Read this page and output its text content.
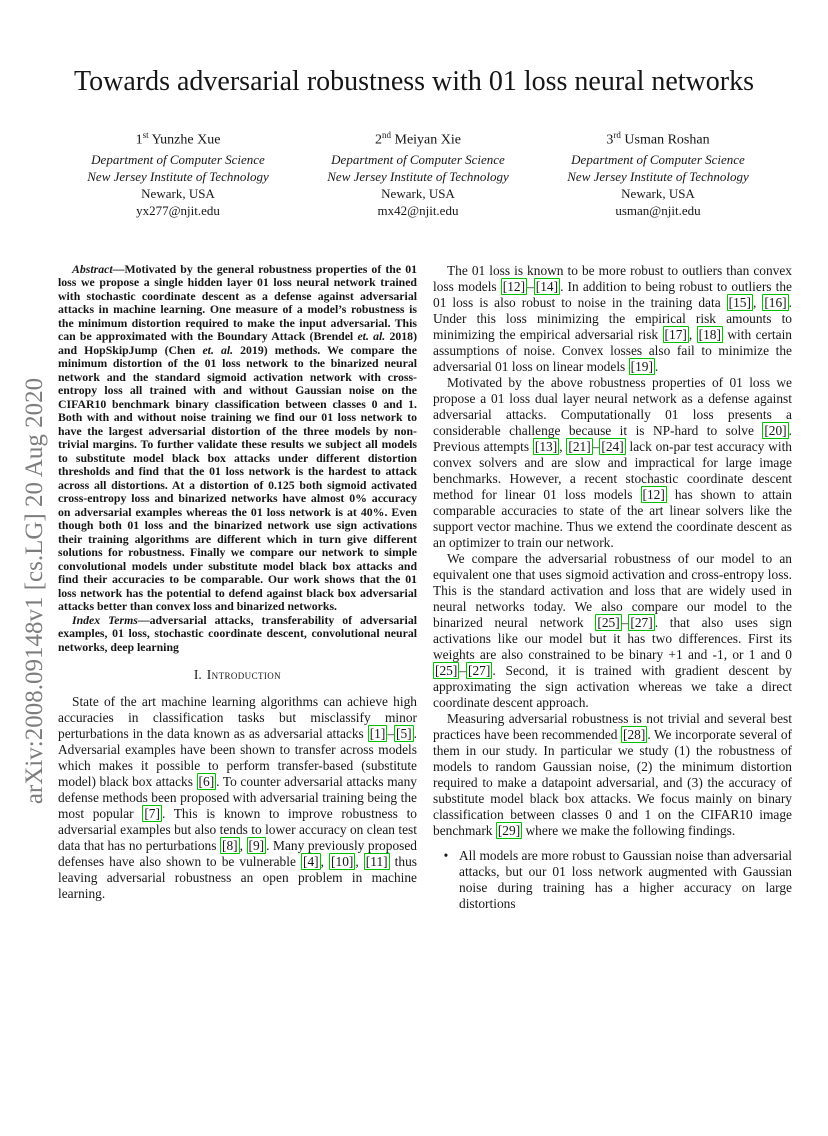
arXiv:2008.09148v1 [cs.LG] 20 Aug 2020
Towards adversarial robustness with 01 loss neural networks
1st Yunzhe Xue
Department of Computer Science
New Jersey Institute of Technology
Newark, USA
yx277@njit.edu
2nd Meiyan Xie
Department of Computer Science
New Jersey Institute of Technology
Newark, USA
mx42@njit.edu
3rd Usman Roshan
Department of Computer Science
New Jersey Institute of Technology
Newark, USA
usman@njit.edu

Abstract—Motivated by the general robustness properties of the 01 loss we propose a single hidden layer 01 loss neural network trained with stochastic coordinate descent as a defense against adversarial attacks in machine learning. One measure of a model’s robustness is the minimum distortion required to make the input adversarial. This can be approximated with the Boundary Attack (Brendel et. al. 2018) and HopSkipJump (Chen et. al. 2019) methods. We compare the minimum distortion of the 01 loss network to the binarized neural network and the standard sigmoid activation network with cross-entropy loss all trained with and without Gaussian noise on the CIFAR10 benchmark binary classification between classes 0 and 1. Both with and without noise training we find our 01 loss network to have the largest adversarial distortion of the three models by non-trivial margins. To further validate these results we subject all models to substitute model black box attacks under different distortion thresholds and find that the 01 loss network is the hardest to attack across all distortions. At a distortion of 0.125 both sigmoid activated cross-entropy loss and binarized networks have almost 0% accuracy on adversarial examples whereas the 01 loss network is at 40%. Even though both 01 loss and the binarized network use sign activations their training algorithms are different which in turn give different solutions for robustness. Finally we compare our network to simple convolutional models under substitute model black box attacks and find their accuracies to be comparable. Our work shows that the 01 loss network has the potential to defend against black box adversarial attacks better than convex loss and binarized networks.

Index Terms—adversarial attacks, transferability of adversarial examples, 01 loss, stochastic coordinate descent, convolutional neural networks, deep learning

I. Introduction

State of the art machine learning algorithms can achieve high accuracies in classification tasks but misclassify minor perturbations in the data known as as adversarial attacks [1] – [5] . Adversarial examples have been shown to transfer across models which makes it possible to perform transfer-based (substitute model) black box attacks [6] . To counter adversarial attacks many defense methods been proposed with adversarial training being the most popular [7] . This is known to improve robustness to adversarial examples but also tends to lower accuracy on clean test data that has no perturbations [8] , [9] . Many previously proposed defenses have also shown to be vulnerable [4] , [10] , [11] thus leaving adversarial robustness an open problem in machine learning.

The 01 loss is known to be more robust to outliers than convex loss models [12] – [14] . In addition to being robust to outliers the 01 loss is also robust to noise in the training data [15] , [16] . Under this loss minimizing the empirical risk amounts to minimizing the empirical adversarial risk [17] , [18] with certain assumptions of noise. Convex losses also fail to minimize the adversarial 01 loss on linear models [19] .

Motivated by the above robustness properties of 01 loss we propose a 01 loss dual layer neural network as a defense against adversarial attacks. Computationally 01 loss presents a considerable challenge because it is NP-hard to solve [20] . Previous attempts [13] , [21] – [24] lack on-par test accuracy with convex solvers and are slow and impractical for large image benchmarks. However, a recent stochastic coordinate descent method for linear 01 loss models [12] has shown to attain comparable accuracies to state of the art linear solvers like the support vector machine. Thus we extend the coordinate descent as an optimizer to train our network.

We compare the adversarial robustness of our model to an equivalent one that uses sigmoid activation and cross-entropy loss. This is the standard activation and loss that are widely used in neural networks today. We also compare our model to the binarized neural network [25] – [27] . that also uses sign activations like our model but it has two differences. First its weights are also constrained to be binary +1 and -1, or 1 and 0 [25] – [27] . Second, it is trained with gradient descent by approximating the sign activation whereas we take a direct coordinate descent approach.

Measuring adversarial robustness is not trivial and several best practices have been recommended [28] . We incorporate several of them in our study. In particular we study (1) the robustness of models to random Gaussian noise, (2) the minimum distortion required to make a datapoint adversarial, and (3) the accuracy of substitute model black box attacks. We focus mainly on binary classification between classes 0 and 1 on the CIFAR10 image benchmark [29] where we make the following findings.

• All models are more robust to Gaussian noise than adversarial attacks, but our 01 loss network augmented with Gaussian noise during training has a higher accuracy on large distortions
